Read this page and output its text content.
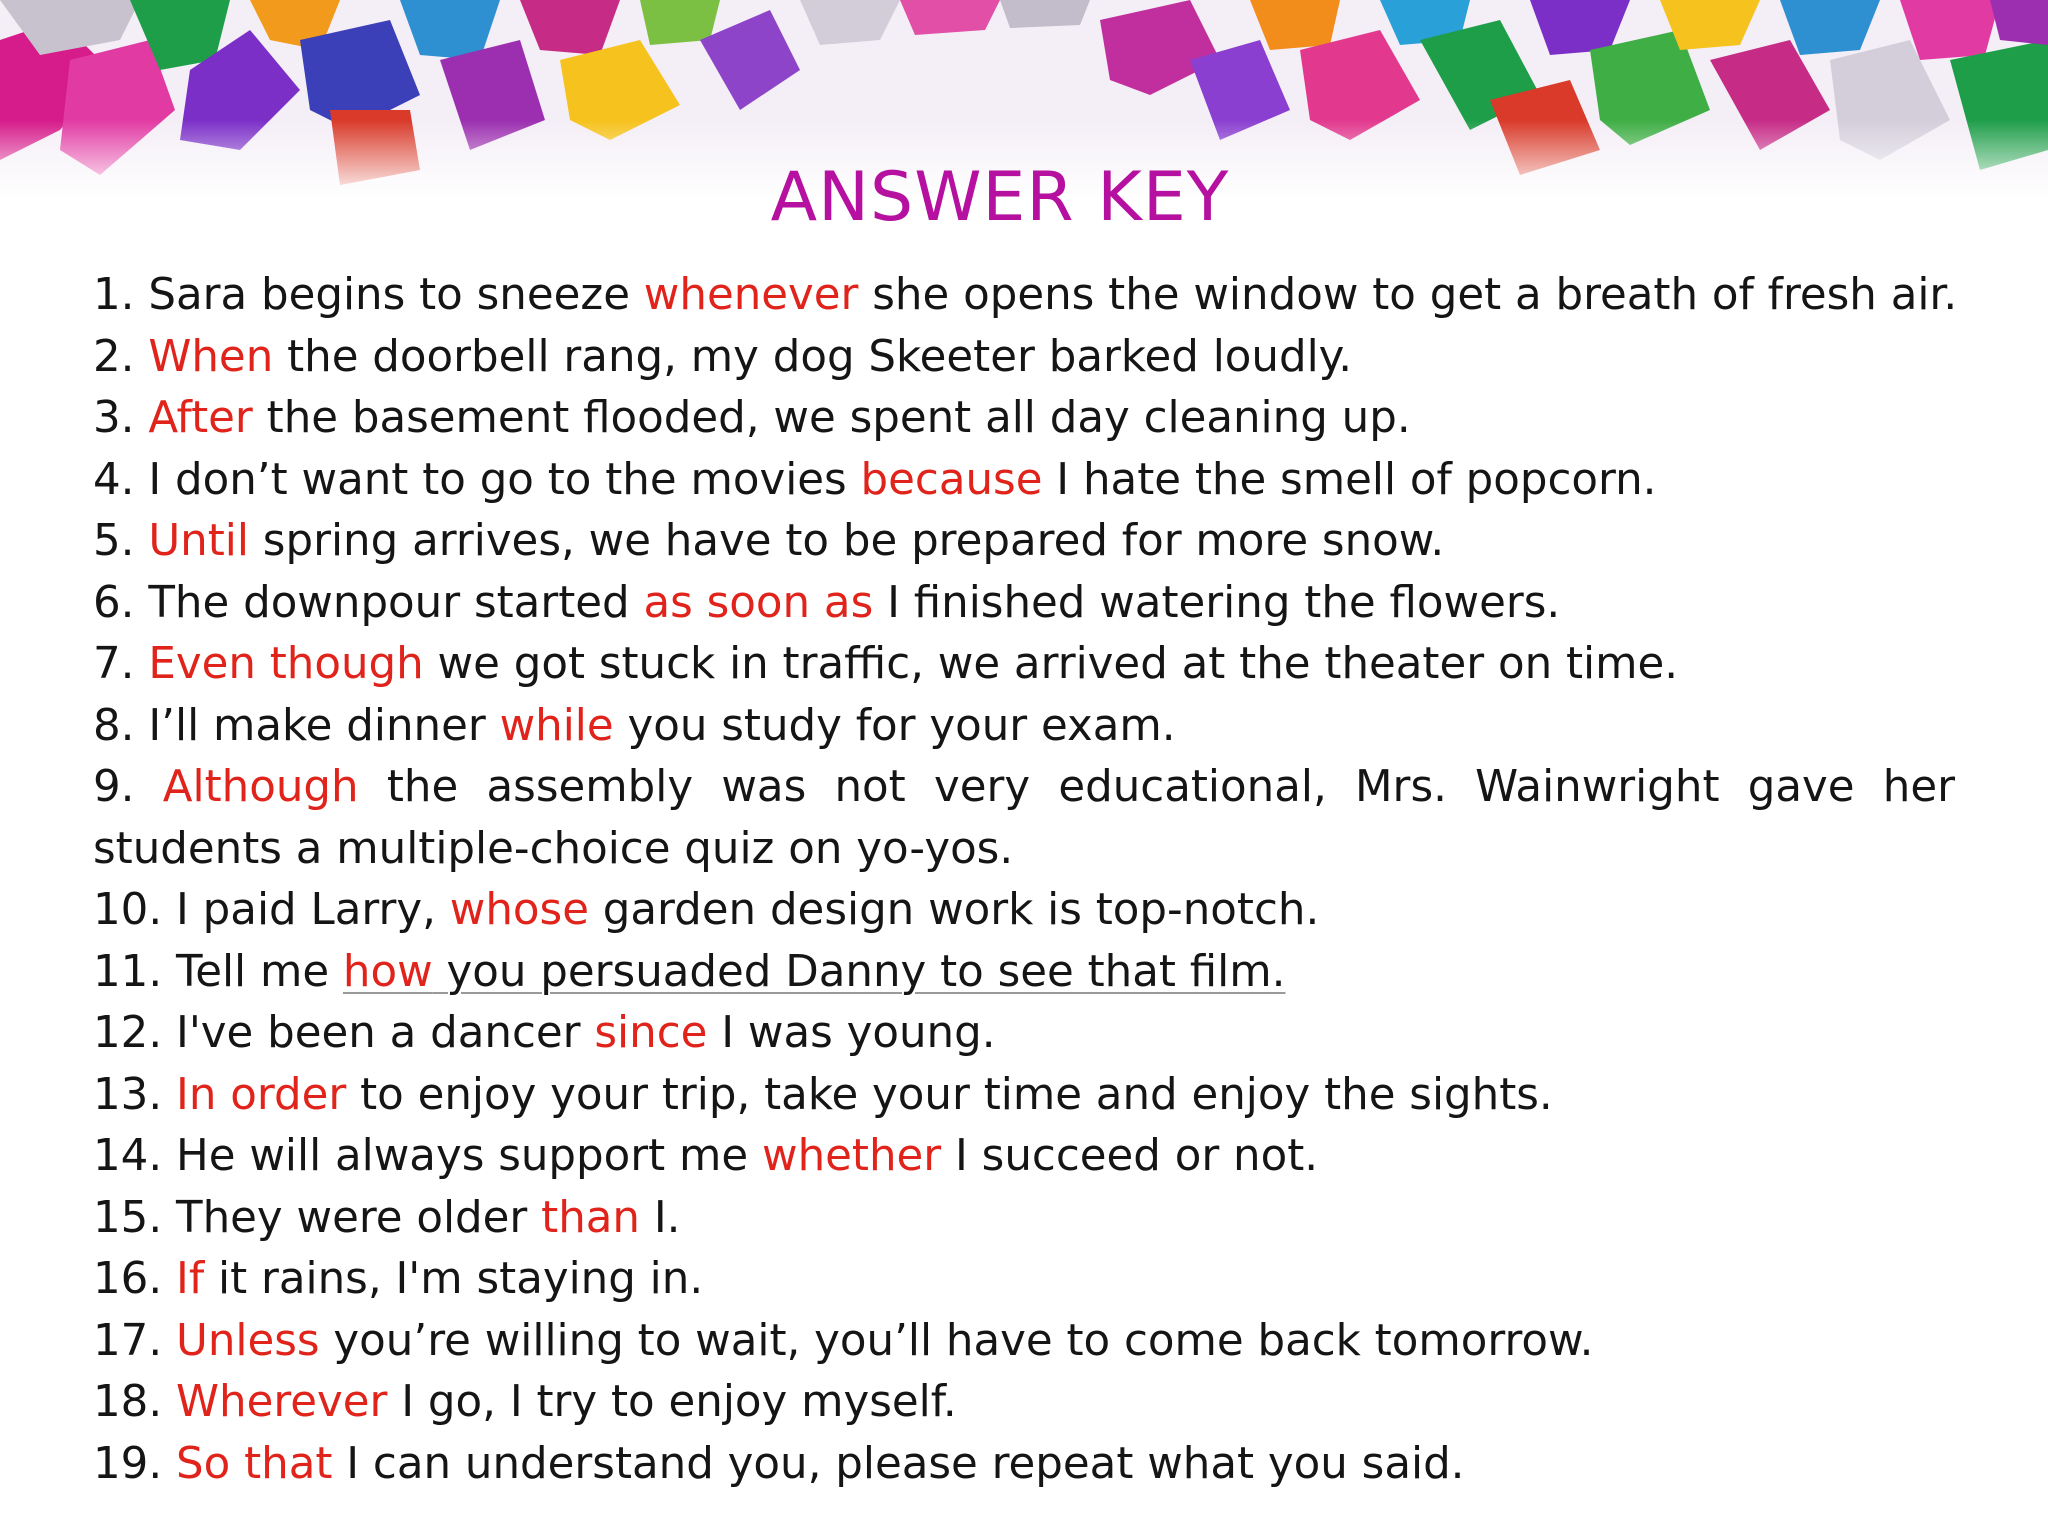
ANSWER KEY
1. Sara begins to sneeze whenever she opens the window to get a breath of fresh air.
2. When the doorbell rang, my dog Skeeter barked loudly.
3. After the basement flooded, we spent all day cleaning up.
4. I don’t want to go to the movies because I hate the smell of popcorn.
5. Until spring arrives, we have to be prepared for more snow.
6. The downpour started as soon as I finished watering the flowers.
7. Even though we got stuck in traffic, we arrived at the theater on time.
8. I’ll make dinner while you study for your exam.
9. Although the assembly was not very educational, Mrs. Wainwright gave her
students a multiple-choice quiz on yo-yos.
10. I paid Larry, whose garden design work is top-notch.
11. Tell me how you persuaded Danny to see that film.
12. I've been a dancer since I was young.
13. In order to enjoy your trip, take your time and enjoy the sights.
14. He will always support me whether I succeed or not.
15. They were older than I.
16. If it rains, I'm staying in.
17. Unless you’re willing to wait, you’ll have to come back tomorrow.
18. Wherever I go, I try to enjoy myself.
19. So that I can understand you, please repeat what you said.
